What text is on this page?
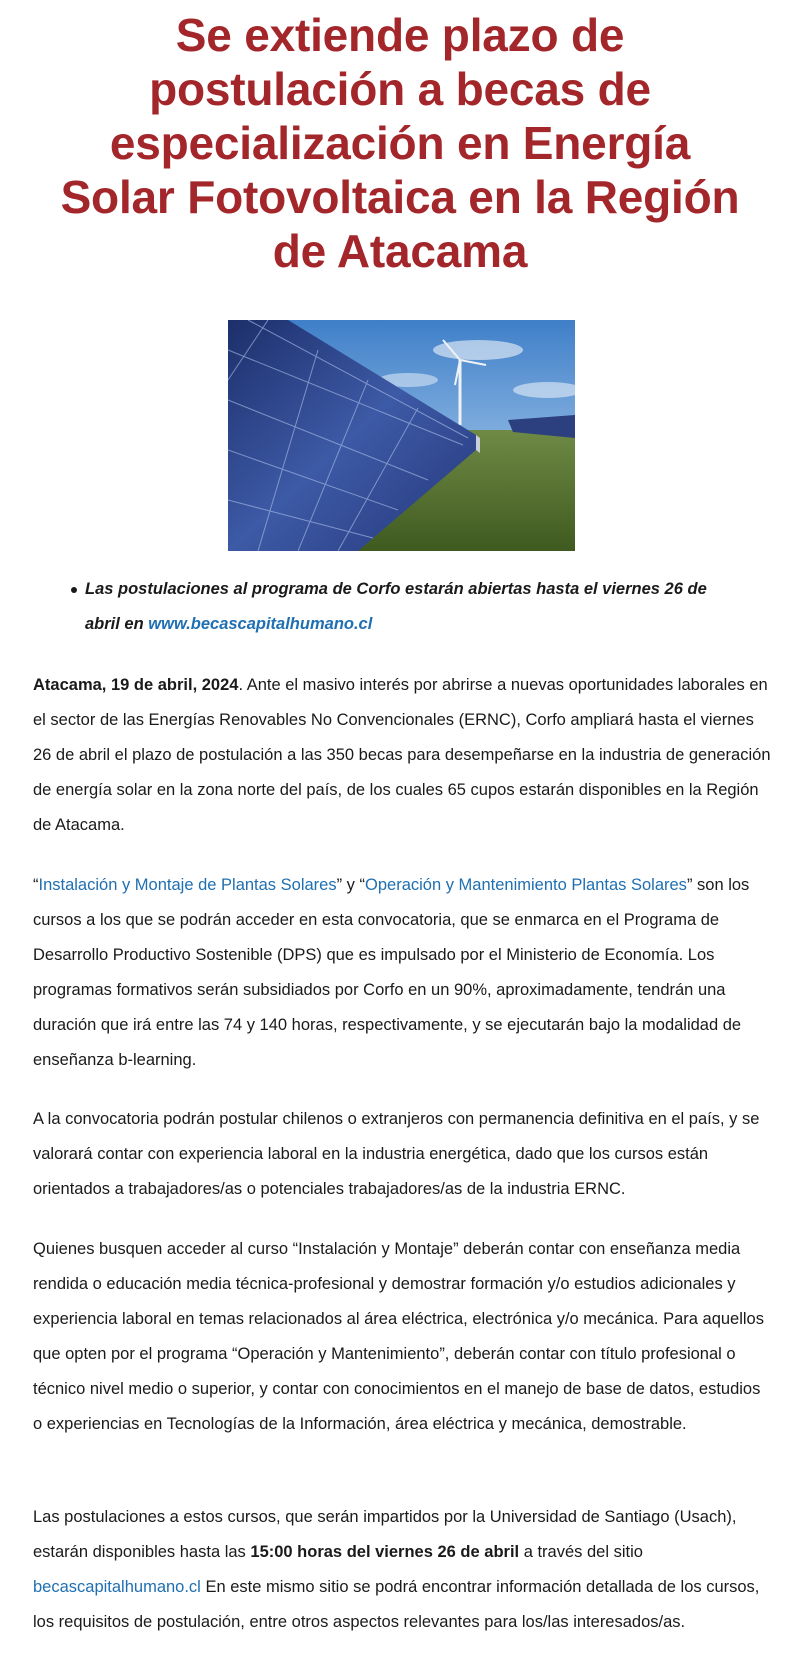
Se extiende plazo de postulación a becas de especialización en Energía Solar Fotovoltaica en la Región de Atacama
Las postulaciones al programa de Corfo estarán abiertas hasta el viernes 26 de abril en www.becascapitalhumano.cl

Atacama, 19 de abril, 2024. Ante el masivo interés por abrirse a nuevas oportunidades laborales en el sector de las Energías Renovables No Convencionales (ERNC), Corfo ampliará hasta el viernes 26 de abril el plazo de postulación a las 350 becas para desempeñarse en la industria de generación de energía solar en la zona norte del país, de los cuales 65 cupos estarán disponibles en la Región de Atacama.

“Instalación y Montaje de Plantas Solares” y “Operación y Mantenimiento Plantas Solares” son los cursos a los que se podrán acceder en esta convocatoria, que se enmarca en el Programa de Desarrollo Productivo Sostenible (DPS) que es impulsado por el Ministerio de Economía. Los programas formativos serán subsidiados por Corfo en un 90%, aproximadamente, tendrán una duración que irá entre las 74 y 140 horas, respectivamente, y se ejecutarán bajo la modalidad de enseñanza b-learning.

A la convocatoria podrán postular chilenos o extranjeros con permanencia definitiva en el país, y se valorará contar con experiencia laboral en la industria energética, dado que los cursos están orientados a trabajadores/as o potenciales trabajadores/as de la industria ERNC.

Quienes busquen acceder al curso “Instalación y Montaje” deberán contar con enseñanza media rendida o educación media técnica-profesional y demostrar formación y/o estudios adicionales y experiencia laboral en temas relacionados al área eléctrica, electrónica y/o mecánica. Para aquellos que opten por el programa “Operación y Mantenimiento”, deberán contar con título profesional o técnico nivel medio o superior, y contar con conocimientos en el manejo de base de datos, estudios o experiencias en Tecnologías de la Información, área eléctrica y mecánica, demostrable.

Las postulaciones a estos cursos, que serán impartidos por la Universidad de Santiago (Usach), estarán disponibles hasta las 15:00 horas del viernes 26 de abril a través del sitio becascapitalhumano.cl En este mismo sitio se podrá encontrar información detallada de los cursos, los requisitos de postulación, entre otros aspectos relevantes para los/las interesados/as.
